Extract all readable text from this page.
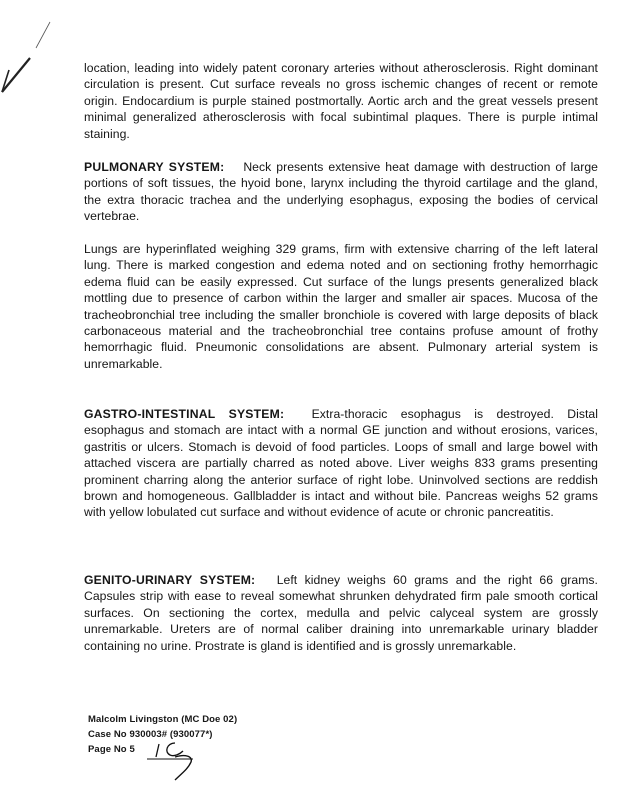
location, leading into widely patent coronary arteries without atherosclerosis. Right dominant circulation is present. Cut surface reveals no gross ischemic changes of recent or remote origin. Endocardium is purple stained postmortally. Aortic arch and the great vessels present minimal generalized atherosclerosis with focal subintimal plaques. There is purple intimal staining.
PULMONARY SYSTEM: Neck presents extensive heat damage with destruction of large portions of soft tissues, the hyoid bone, larynx including the thyroid cartilage and the gland, the extra thoracic trachea and the underlying esophagus, exposing the bodies of cervical vertebrae.
Lungs are hyperinflated weighing 329 grams, firm with extensive charring of the left lateral lung. There is marked congestion and edema noted and on sectioning frothy hemorrhagic edema fluid can be easily expressed. Cut surface of the lungs presents generalized black mottling due to presence of carbon within the larger and smaller air spaces. Mucosa of the tracheobronchial tree including the smaller bronchiole is covered with large deposits of black carbonaceous material and the tracheobronchial tree contains profuse amount of frothy hemorrhagic fluid. Pneumonic consolidations are absent. Pulmonary arterial system is unremarkable.
GASTRO-INTESTINAL SYSTEM: Extra-thoracic esophagus is destroyed. Distal esophagus and stomach are intact with a normal GE junction and without erosions, varices, gastritis or ulcers. Stomach is devoid of food particles. Loops of small and large bowel with attached viscera are partially charred as noted above. Liver weighs 833 grams presenting prominent charring along the anterior surface of right lobe. Uninvolved sections are reddish brown and homogeneous. Gallbladder is intact and without bile. Pancreas weighs 52 grams with yellow lobulated cut surface and without evidence of acute or chronic pancreatitis.
GENITO-URINARY SYSTEM: Left kidney weighs 60 grams and the right 66 grams. Capsules strip with ease to reveal somewhat shrunken dehydrated firm pale smooth cortical surfaces. On sectioning the cortex, medulla and pelvic calyceal system are grossly unremarkable. Ureters are of normal caliber draining into unremarkable urinary bladder containing no urine. Prostrate is gland is identified and is grossly unremarkable.
Malcolm Livingston (MC Doe 02)
Case No 930003# (930077*)
Page No 5
